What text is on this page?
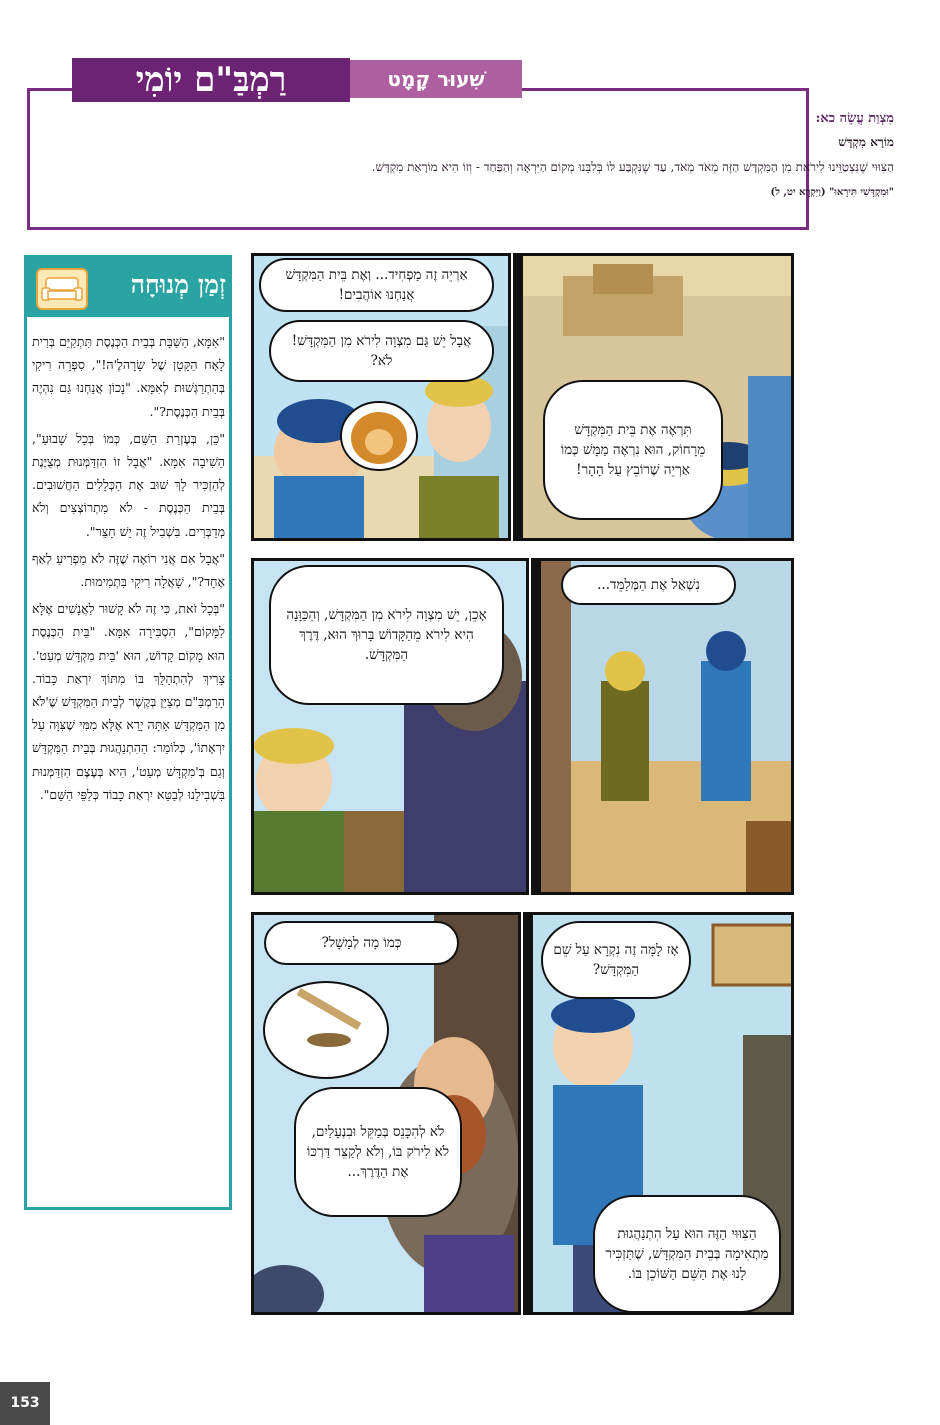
רַמְבַּ"ם יוֹמִי	שִׁעוּר קָמָט
מִצְוַת עֲשֵׂה כא:
מוֹרָא מִקְדָּשׁ
הַצִּוּוּי שֶׁנִּצְטַוֵּינוּ לִירֹאת מִן הַמִּקְדָּשׁ הַזֶּה מְאֹד מְאֹד, עַד שֶׁנִּקְבַּע לוֹ בְּלִבֵּנוּ מְקוֹם הַיִּרְאָה וְהַפַּחַד - וְזוֹ הִיא מוֹרָאַת מִקְדָּשׁ.
"וּמִקְדָּשִׁי תִּירָאוּ" (וַיִּקְרָא יט, ל)
זְמַן מְנוּחָה

"אִמָּא, הַשַּׁבָּת בְּבֵית הַכְּנֶסֶת תִּתְקַיֵּם בְּרִית לָאָח הַקָּטָן שֶׁל שָׂרָהלֶ'ה!", סִפְּרָה רִיקִי בְּהִתְרַגְּשׁוּת לְאִמָּא. "נָכוֹן אֲנַחְנוּ גַּם נִהְיֶה בְּבֵית הַכְּנֶסֶת?".

"כֵּן, בְּעֶזְרַת הַשֵּׁם, כְּמוֹ בְּכָל שָׁבוּעַ", הֵשִׁיבָה אִמָּא. "אֲבָל זוֹ הִזְדַּמְּנוּת מְצֻיֶּנֶת לְהַזְכִּיר לָךְ שׁוּב אֶת הַכְּלָלִים הַחֲשׁוּבִים. בְּבֵית הַכְּנֶסֶת - לֹא מִתְרוֹצְצִים וְלֹא מְדַבְּרִים. בִּשְׁבִיל זֶה יֵשׁ חָצֵר".

"אֲבָל אִם אֲנִי רוֹאָה שֶׁזֶּה לֹא מַפְרִיעַ לְאַף אֶחָד?", שָׁאֲלָה רִיקִי בִּתְמִימוּת.

"בְּכָל זֹאת, כִּי זֶה לֹא קָשׁוּר לַאֲנָשִׁים אֶלָּא לַמָּקוֹם", הִסְבִּירָה אִמָּא. "בֵּית הַכְּנֶסֶת הוּא מָקוֹם קָדוֹשׁ, הוּא 'בֵּית מִקְדָּשׁ מְעַט'. צָרִיךְ לְהִתְהַלֵּךְ בּוֹ מִתּוֹךְ יִרְאַת כָּבוֹד. הָרַמְבַּ"ם מְצַיֵּן בְּקֶשֶׁר לְבֵית הַמִּקְדָּשׁ שֶׁ'לֹּא מִן הַמִּקְדָּשׁ אַתָּה יָרֵא אֶלָּא מִמִּי שֶׁצִּוָּה עַל יִרְאָתוֹ', כְּלוֹמַר: הַהִתְנַהֲגוּת בְּבֵית הַמִּקְדָּשׁ וְגַם בְּ'מִקְדָּשׁ מְעַט', הִיא בְּעֶצֶם הִזְדַּמְּנוּת בִּשְׁבִילֵנוּ לְבַטֵּא יִרְאַת כָּבוֹד כְּלַפֵּי הַשֵּׁם".

אַרְיֵה זֶה מַפְחִיד... וְאֶת בֵּית הַמִּקְדָּשׁ אֲנַחְנוּ אוֹהֲבִים!
אֲבָל יֵשׁ גַּם מִצְוָה לִירֹא מִן הַמִּקְדָּשׁ! לֹא?
תִּרְאֶה אֶת בֵּית הַמִּקְדָּשׁ מֵרָחוֹק, הוּא נִרְאֶה מַמָּשׁ כְּמוֹ אַרְיֵה שֶׁרוֹבֵץ עַל הָהָר!
אָכֵן, יֵשׁ מִצְוָה לִירֹא מִן הַמִּקְדָּשׁ, וְהַכַּוָּנָה הִיא לִירֹא מֵהַקָּדוֹשׁ בָּרוּךְ הוּא, דֶּרֶךְ הַמִּקְדָּשׁ.
נִשְׁאַל אֶת הַמְּלַמֵּד...
כְּמוֹ מָה לְמָשָׁל?
לֹא לְהִכָּנֵס בְּמַקֵּל וּבִנְעָלַיִם, לֹא לִירֹק בּוֹ, וְלֹא לְקַצֵּר דַּרְכּוֹ אֶת הַדֶּרֶךְ...
אָז לָמָּה זֶה נִקְרָא עַל שֵׁם הַמִּקְדָּשׁ?
הַצִּוּוּי הַזֶּה הוּא עַל הִתְנַהֲגוּת מַתְאִימָה בְּבֵית הַמִּקְדָּשׁ, שֶׁתַּזְכִּיר לָנוּ אֶת הַשֵּׁם הַשּׁוֹכֵן בּוֹ.
153
